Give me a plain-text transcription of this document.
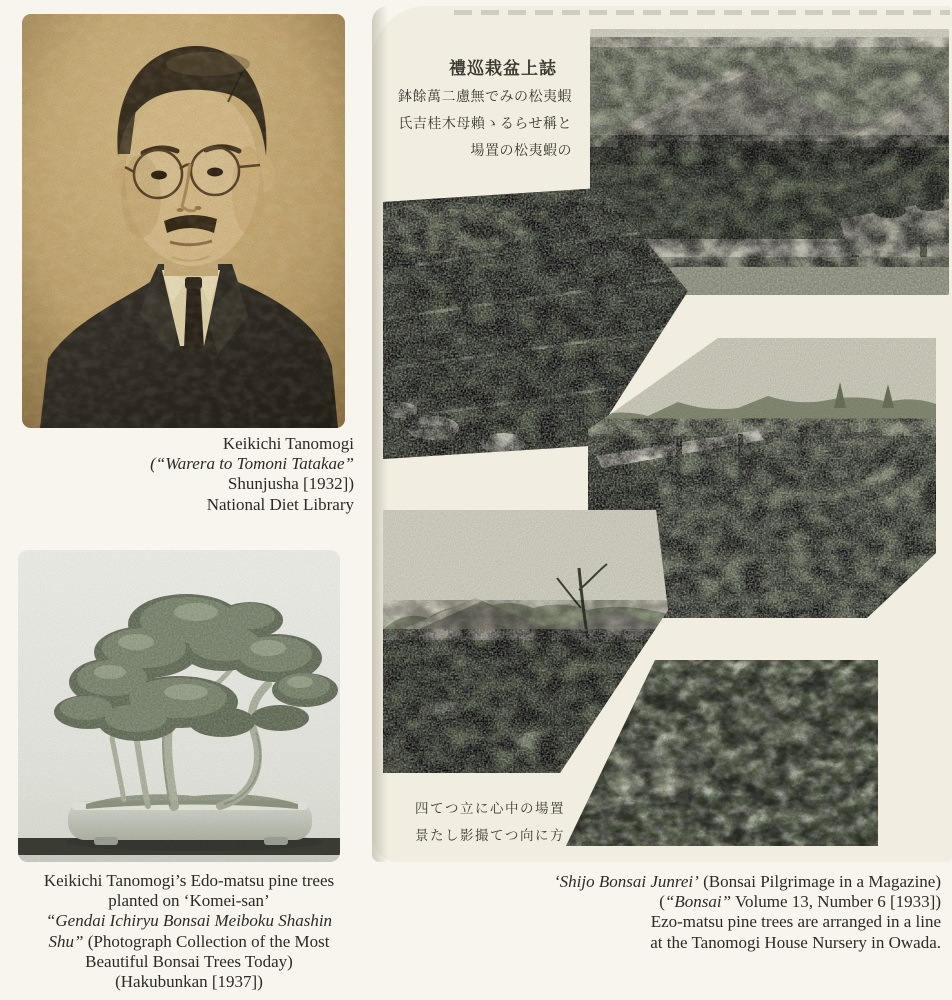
Keikichi Tanomogi
(“Warera to Tomoni Tatakae”
Shunjusha [1932])
National Diet Library
Keikichi Tanomogi’s Edo-matsu pine trees
planted on ‘Komei-san’
“Gendai Ichiryu Bonsai Meiboku Shashin
Shu” (Photograph Collection of the Most
Beautiful Bonsai Trees Today)
(Hakubunkan [1937])
禮巡栽盆上誌
鉢餘萬二慮無でみの松夷蝦
氏吉桂木母賴ゝるらせ稱と
場置の松夷蝦の
四てつ立に心中の場置
景たし影撮てつ向に方
‘Shijo Bonsai Junrei’ (Bonsai Pilgrimage in a Magazine)
(“Bonsai” Volume 13, Number 6 [1933])
Ezo-matsu pine trees are arranged in a line
at the Tanomogi House Nursery in Owada.
